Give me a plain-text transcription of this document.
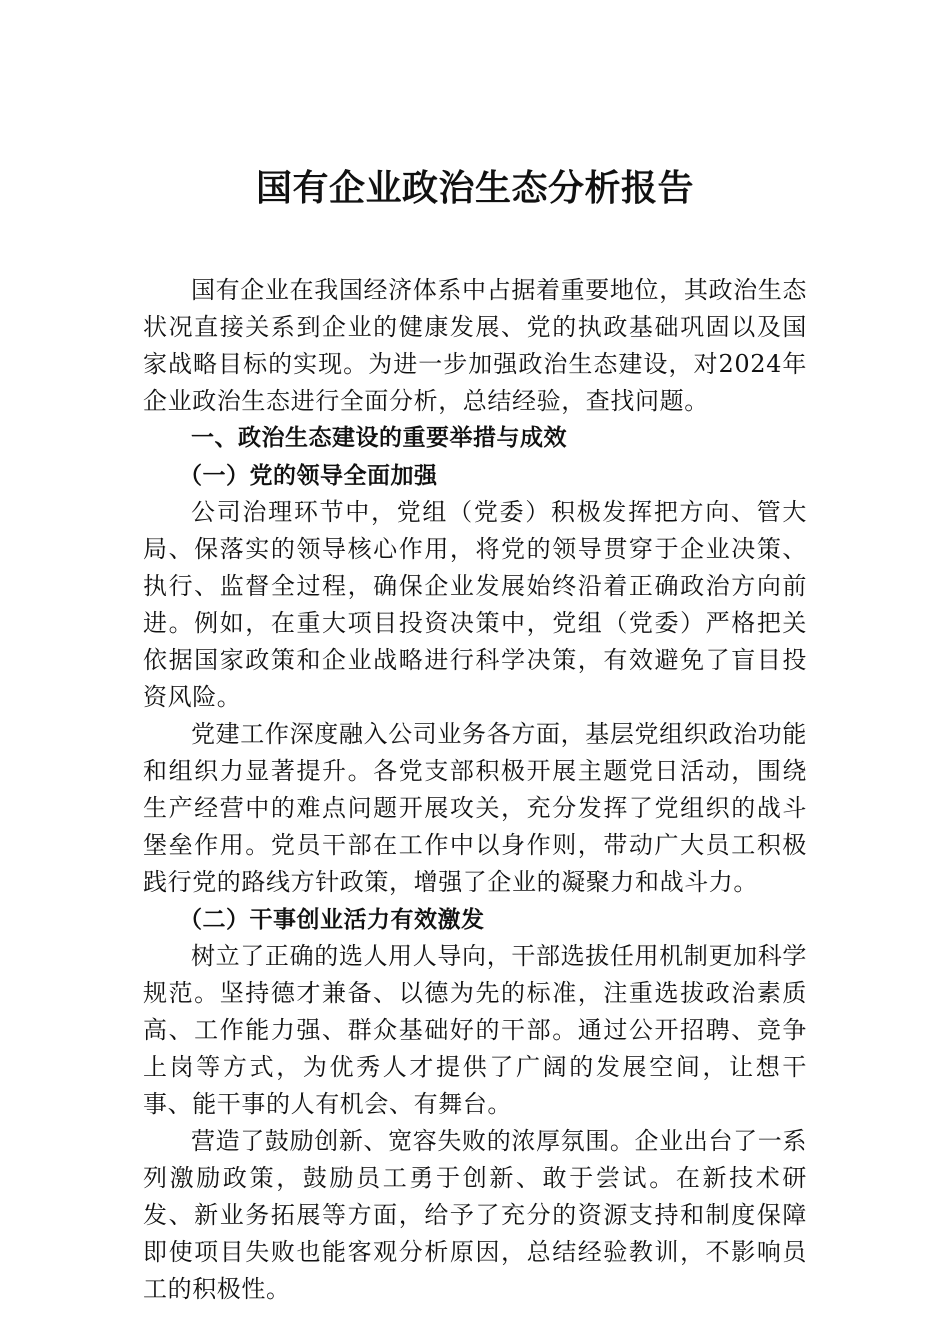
国有企业政治生态分析报告

国有企业在我国经济体系中占据着重要地位，其政治生态状况直接关系到企业的健康发展、党的执政基础巩固以及国家战略目标的实现。为进一步加强政治生态建设，对2024年企业政治生态进行全面分析，总结经验，查找问题。

一、政治生态建设的重要举措与成效
（一）党的领导全面加强

公司治理环节中，党组（党委）积极发挥把方向、管大局、保落实的领导核心作用，将党的领导贯穿于企业决策、执行、监督全过程，确保企业发展始终沿着正确政治方向前进。例如，在重大项目投资决策中，党组（党委）严格把关依据国家政策和企业战略进行科学决策，有效避免了盲目投资风险。

党建工作深度融入公司业务各方面，基层党组织政治功能和组织力显著提升。各党支部积极开展主题党日活动，围绕生产经营中的难点问题开展攻关，充分发挥了党组织的战斗堡垒作用。党员干部在工作中以身作则，带动广大员工积极践行党的路线方针政策，增强了企业的凝聚力和战斗力。

（二）干事创业活力有效激发

树立了正确的选人用人导向，干部选拔任用机制更加科学规范。坚持德才兼备、以德为先的标准，注重选拔政治素质高、工作能力强、群众基础好的干部。通过公开招聘、竞争上岗等方式，为优秀人才提供了广阔的发展空间，让想干事、能干事的人有机会、有舞台。

营造了鼓励创新、宽容失败的浓厚氛围。企业出台了一系列激励政策，鼓励员工勇于创新、敢于尝试。在新技术研发、新业务拓展等方面，给予了充分的资源支持和制度保障即使项目失败也能客观分析原因，总结经验教训，不影响员工的积极性。
